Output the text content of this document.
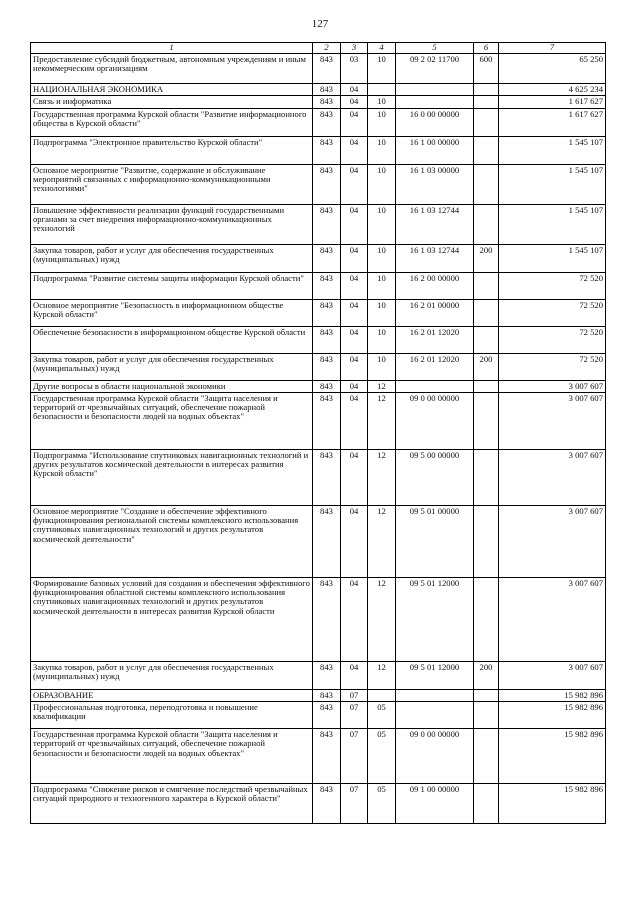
127
1	2	3	4	5	6	7
Предоставление субсидий бюджетным, автономным учреждениям и иным некоммерческим организациям	843	03	10	09 2 02 11700	600	65 250
НАЦИОНАЛЬНАЯ ЭКОНОМИКА	843	04				4 625 234
Связь и информатика	843	04	10			1 617 627
Государственная программа Курской области "Развитие информационного общества в Курской области"	843	04	10	16 0 00 00000		1 617 627
Подпрограмма "Электронное правительство Курской области"	843	04	10	16 1 00 00000		1 545 107
Основное мероприятие "Развитие, содержание и обслуживание мероприятий связанных с информационно-коммуникационными технологиями"	843	04	10	16 1 03 00000		1 545 107
Повышение эффективности реализации функций государственными органами за счет внедрения информационно-коммуникационных технологий	843	04	10	16 1 03 12744		1 545 107
Закупка товаров, работ и услуг для обеспечения государственных (муниципальных) нужд	843	04	10	16 1 03 12744	200	1 545 107
Подпрограмма "Развитие системы защиты информации Курской области"	843	04	10	16 2 00 00000		72 520
Основное мероприятие "Безопасность в информационном обществе Курской области"	843	04	10	16 2 01 00000		72 520
Обеспечение безопасности в информационном обществе Курской области	843	04	10	16 2 01 12020		72 520
Закупка товаров, работ и услуг для обеспечения государственных (муниципальных) нужд	843	04	10	16 2 01 12020	200	72 520
Другие вопросы в области национальной экономики	843	04	12			3 007 607
Государственная программа Курской области "Защита населения и территорий от чрезвычайных ситуаций, обеспечение пожарной безопасности и безопасности людей на водных объектах"	843	04	12	09 0 00 00000		3 007 607
Подпрограмма "Использование спутниковых навигационных технологий и других результатов космической деятельности в интересах развития Курской области"	843	04	12	09 5 00 00000		3 007 607
Основное мероприятие "Создание и обеспечение эффективного функционирования региональной системы комплексного использования спутниковых навигационных технологий и других результатов космической деятельности"	843	04	12	09 5 01 00000		3 007 607
Формирование базовых условий для создания и обеспечения эффективного функционирования областной системы комплексного использования спутниковых навигационных технологий и других результатов космической деятельности в интересах развития Курской области	843	04	12	09 5 01 12000		3 007 607
Закупка товаров, работ и услуг для обеспечения государственных (муниципальных) нужд	843	04	12	09 5 01 12000	200	3 007 607
ОБРАЗОВАНИЕ	843	07				15 982 896
Профессиональная подготовка, переподготовка и повышение квалификации	843	07	05			15 982 896
Государственная программа Курской области "Защита населения и территорий от чрезвычайных ситуаций, обеспечение пожарной безопасности и безопасности людей на водных объектах"	843	07	05	09 0 00 00000		15 982 896
Подпрограмма "Снижение рисков и смягчение последствий чрезвычайных ситуаций природного и техногенного характера в Курской области"	843	07	05	09 1 00 00000		15 982 896
